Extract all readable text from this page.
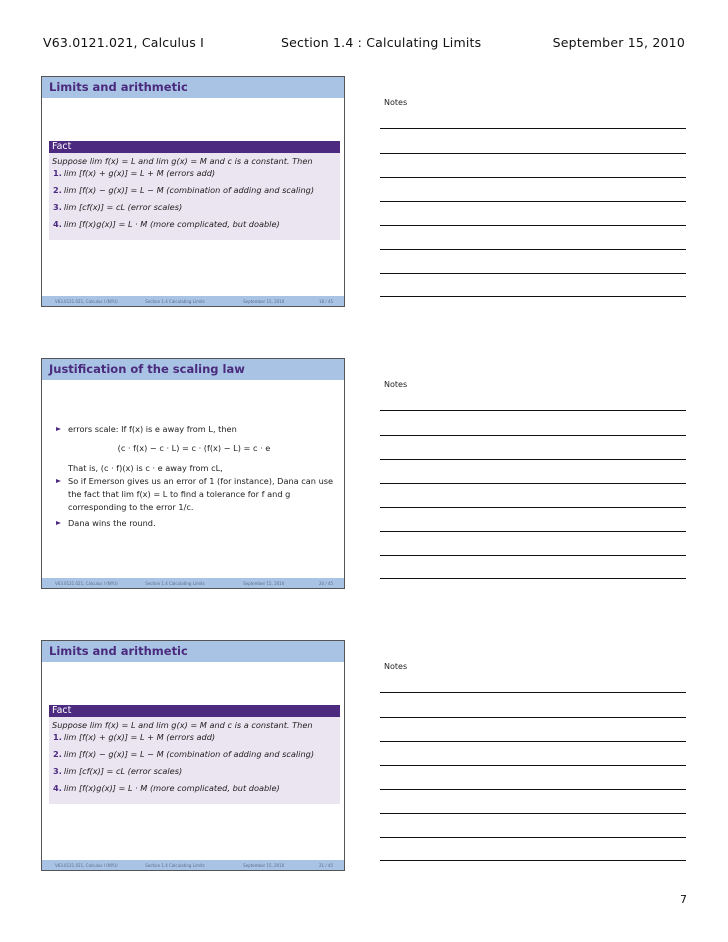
V63.0121.021, Calculus I	Section 1.4 : Calculating Limits	September 15, 2010
Limits and arithmetic
Fact
Suppose lim f(x) = L and lim g(x) = M and c is a constant. Then
1. lim [f(x) + g(x)] = L + M (errors add)
2. lim [f(x) − g(x)] = L − M (combination of adding and scaling)
3. lim [cf(x)] = cL (error scales)
4. lim [f(x)g(x)] = L · M (more complicated, but doable)
V63.0121.021, Calculus I (NYU)	Section 1.4 Calculating Limits	September 15, 2010	18 / 45
Justification of the scaling law
errors scale: If f(x) is e away from L, then
(c · f(x) − c · L) = c · (f(x) − L) = c · e
That is, (c · f)(x) is c · e away from cL,
So if Emerson gives us an error of 1 (for instance), Dana can use the fact that lim f(x) = L to find a tolerance for f and g corresponding to the error 1/c.
Dana wins the round.
V63.0121.021, Calculus I (NYU)	Section 1.4 Calculating Limits	September 15, 2010	20 / 45
Limits and arithmetic
Fact
Suppose lim f(x) = L and lim g(x) = M and c is a constant. Then
1. lim [f(x) + g(x)] = L + M (errors add)
2. lim [f(x) − g(x)] = L − M (combination of adding and scaling)
3. lim [cf(x)] = cL (error scales)
4. lim [f(x)g(x)] = L · M (more complicated, but doable)
V63.0121.021, Calculus I (NYU)	Section 1.4 Calculating Limits	September 15, 2010	21 / 45
Notes
Notes
Notes
7
